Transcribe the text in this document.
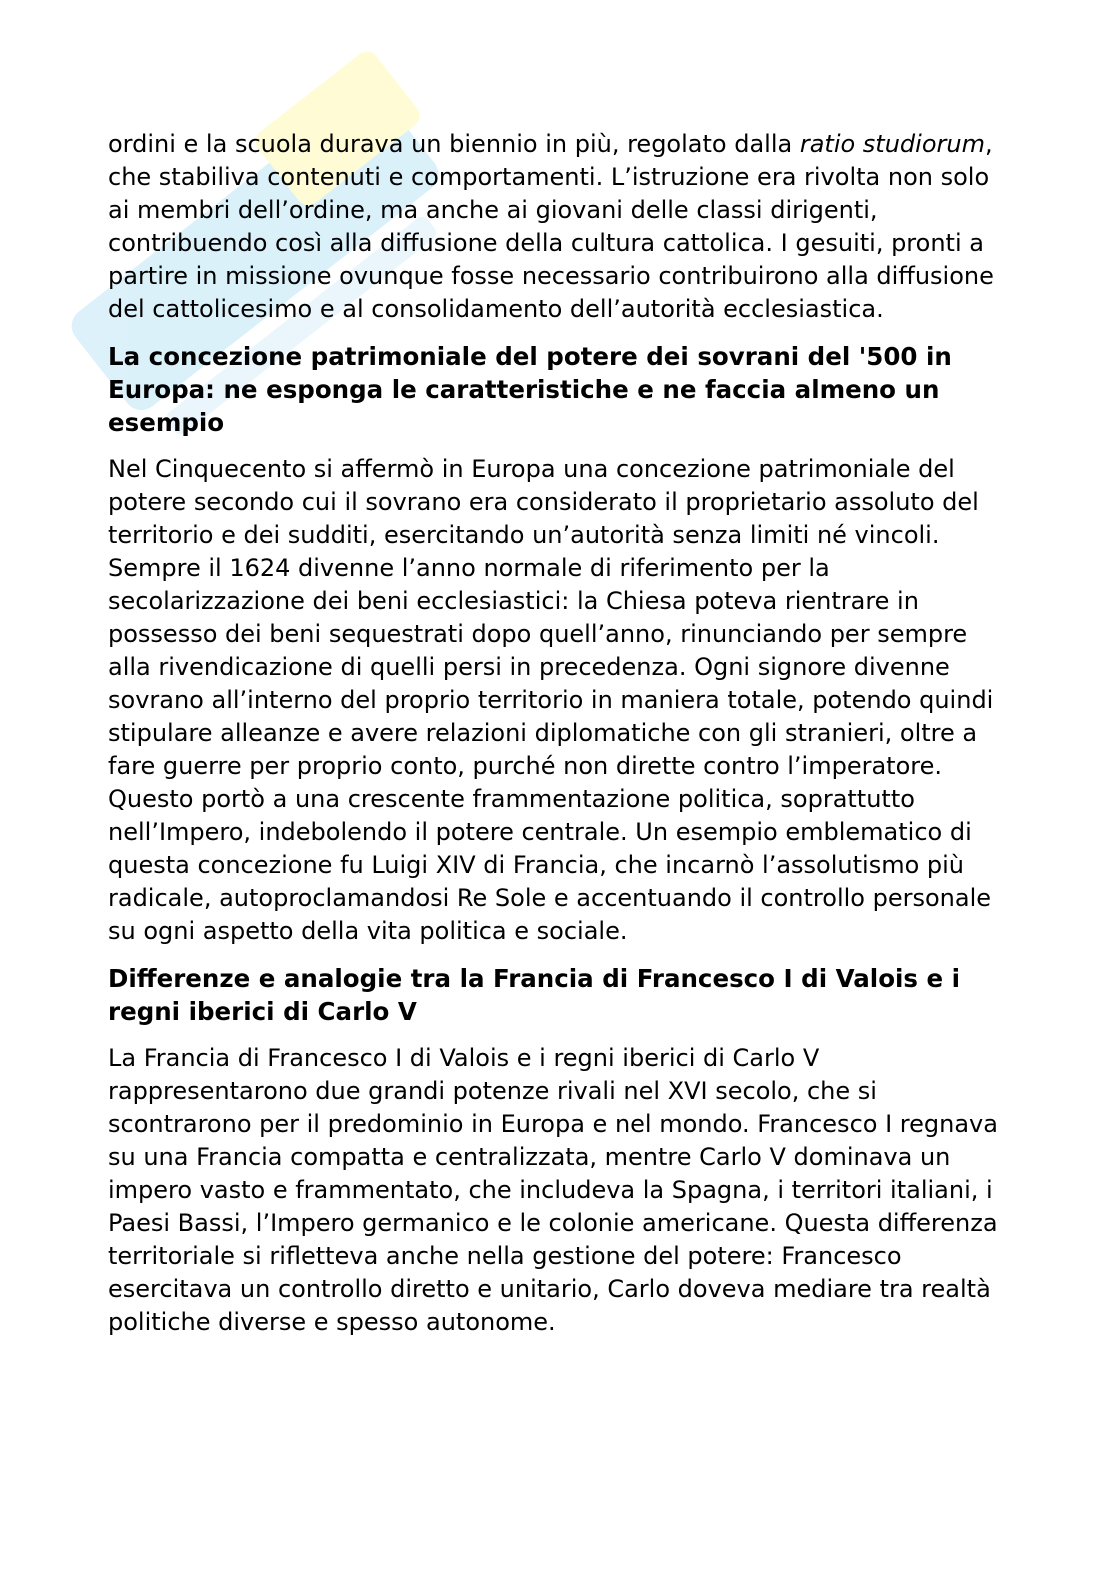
ordini e la scuola durava un biennio in più, regolato dalla ratio studiorum, che stabiliva contenuti e comportamenti. L’istruzione era rivolta non solo ai membri dell’ordine, ma anche ai giovani delle classi dirigenti, contribuendo così alla diffusione della cultura cattolica. I gesuiti, pronti a partire in missione ovunque fosse necessario contribuirono alla diffusione del cattolicesimo e al consolidamento dell’autorità ecclesiastica.

La concezione patrimoniale del potere dei sovrani del '500 in Europa: ne esponga le caratteristiche e ne faccia almeno un esempio

Nel Cinquecento si affermò in Europa una concezione patrimoniale del potere secondo cui il sovrano era considerato il proprietario assoluto del territorio e dei sudditi, esercitando un’autorità senza limiti né vincoli. Sempre il 1624 divenne l’anno normale di riferimento per la secolarizzazione dei beni ecclesiastici: la Chiesa poteva rientrare in possesso dei beni sequestrati dopo quell’anno, rinunciando per sempre alla rivendicazione di quelli persi in precedenza. Ogni signore divenne sovrano all’interno del proprio territorio in maniera totale, potendo quindi stipulare alleanze e avere relazioni diplomatiche con gli stranieri, oltre a fare guerre per proprio conto, purché non dirette contro l’imperatore. Questo portò a una crescente frammentazione politica, soprattutto nell’Impero, indebolendo il potere centrale. Un esempio emblematico di questa concezione fu Luigi XIV di Francia, che incarnò l’assolutismo più radicale, autoproclamandosi Re Sole e accentuando il controllo personale su ogni aspetto della vita politica e sociale.

Differenze e analogie tra la Francia di Francesco I di Valois e i regni iberici di Carlo V

La Francia di Francesco I di Valois e i regni iberici di Carlo V rappresentarono due grandi potenze rivali nel XVI secolo, che si scontrarono per il predominio in Europa e nel mondo. Francesco I regnava su una Francia compatta e centralizzata, mentre Carlo V dominava un impero vasto e frammentato, che includeva la Spagna, i territori italiani, i Paesi Bassi, l’Impero germanico e le colonie americane. Questa differenza territoriale si rifletteva anche nella gestione del potere: Francesco esercitava un controllo diretto e unitario, Carlo doveva mediare tra realtà politiche diverse e spesso autonome.
